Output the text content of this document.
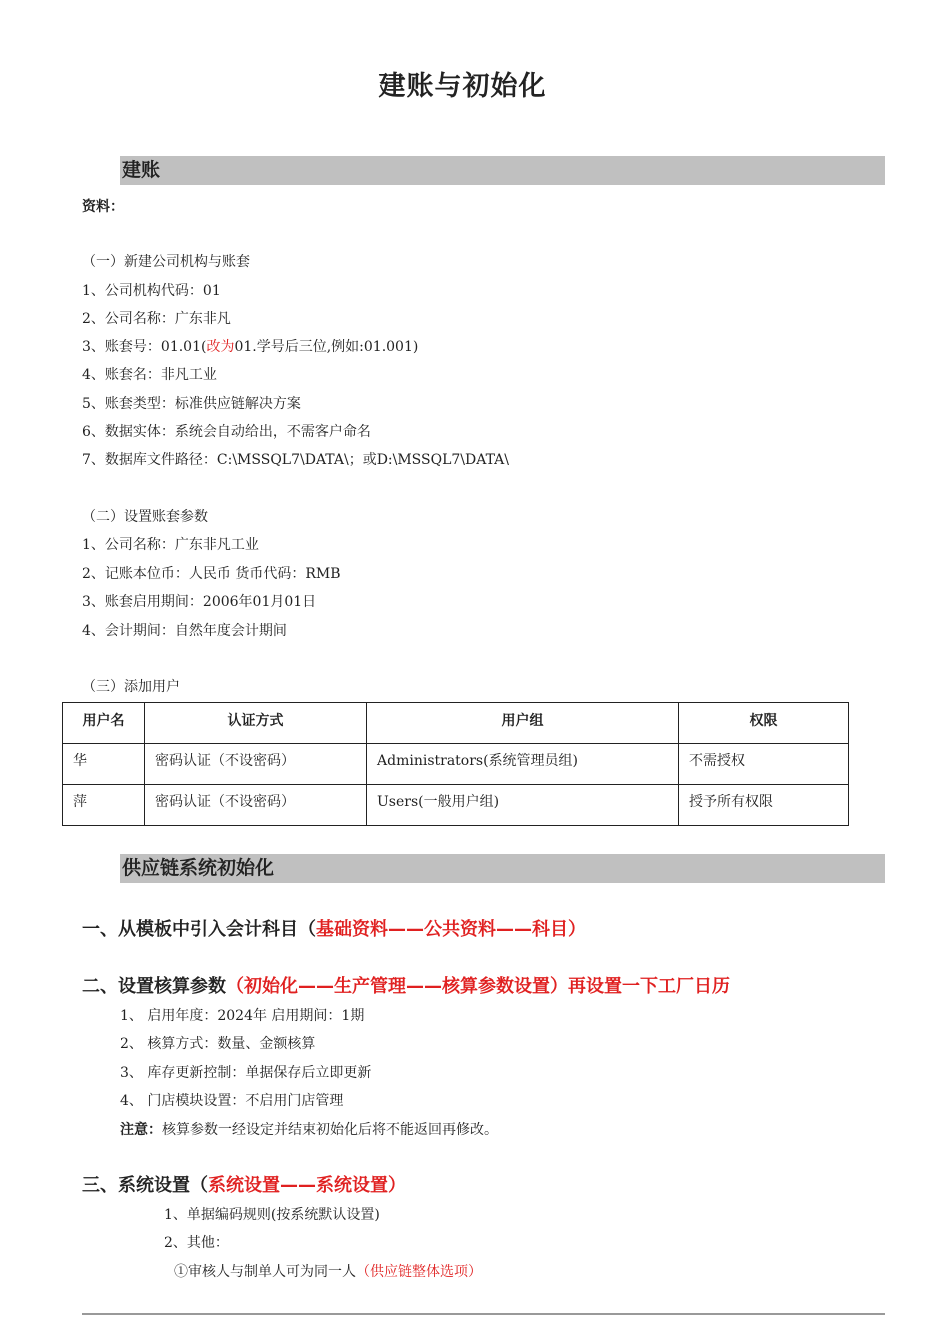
建账与初始化
建账
资料：
（一）新建公司机构与账套
1、公司机构代码：01
2、公司名称：广东非凡
3、账套号：01.01(改为01.学号后三位,例如:01.001)
4、账套名：非凡工业
5、账套类型：标准供应链解决方案
6、数据实体：系统会自动给出，不需客户命名
7、数据库文件路径：C:\MSSQL7\DATA\；或D:\MSSQL7\DATA\
（二）设置账套参数
1、公司名称：广东非凡工业
2、记账本位币：人民币 货币代码：RMB
3、账套启用期间：2006年01月01日
4、会计期间：自然年度会计期间
（三）添加用户
用户名	认证方式	用户组	权限
华	密码认证（不设密码）	Administrators(系统管理员组)	不需授权
萍	密码认证（不设密码）	Users(一般用户组)	授予所有权限
供应链系统初始化
一、从模板中引入会计科目（基础资料——公共资料——科目）
二、设置核算参数（初始化——生产管理——核算参数设置）再设置一下工厂日历
1、 启用年度：2024年 启用期间：1期
2、 核算方式：数量、金额核算
3、 库存更新控制：单据保存后立即更新
4、 门店模块设置：不启用门店管理
注意：核算参数一经设定并结束初始化后将不能返回再修改。
三、系统设置（系统设置——系统设置）
1、单据编码规则(按系统默认设置)
2、其他：
①审核人与制单人可为同一人（供应链整体选项）
